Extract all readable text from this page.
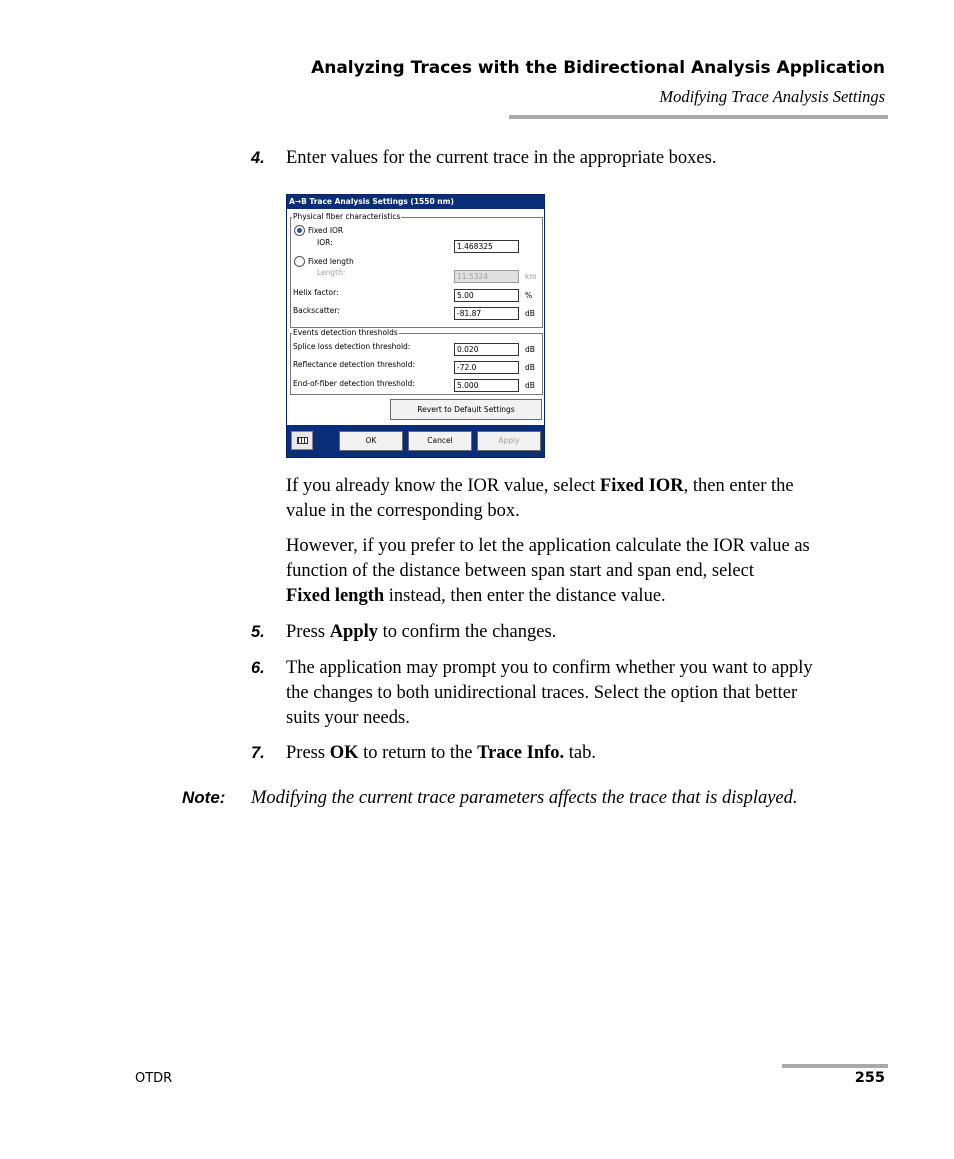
Analyzing Traces with the Bidirectional Analysis Application
Modifying Trace Analysis Settings
4. Enter values for the current trace in the appropriate boxes.
A→B Trace Analysis Settings (1550 nm)
Physical fiber characteristics
Fixed IOR
IOR:	1.468325
Fixed length
Length:	11.5324	km
Helix factor:	5.00	%
Backscatter:	-81.87	dB
Events detection thresholds
Splice loss detection threshold:	0.020	dB
Reflectance detection threshold:	-72.0	dB
End-of-fiber detection threshold:	5.000	dB
Revert to Default Settings
OK	Cancel	Apply
If you already know the IOR value, select Fixed IOR, then enter the
value in the corresponding box.
However, if you prefer to let the application calculate the IOR value as
function of the distance between span start and span end, select
Fixed length instead, then enter the distance value.
5. Press Apply to confirm the changes.
6. The application may prompt you to confirm whether you want to apply
the changes to both unidirectional traces. Select the option that better
suits your needs.
7. Press OK to return to the Trace Info. tab.
Note: Modifying the current trace parameters affects the trace that is displayed.
OTDR	255
